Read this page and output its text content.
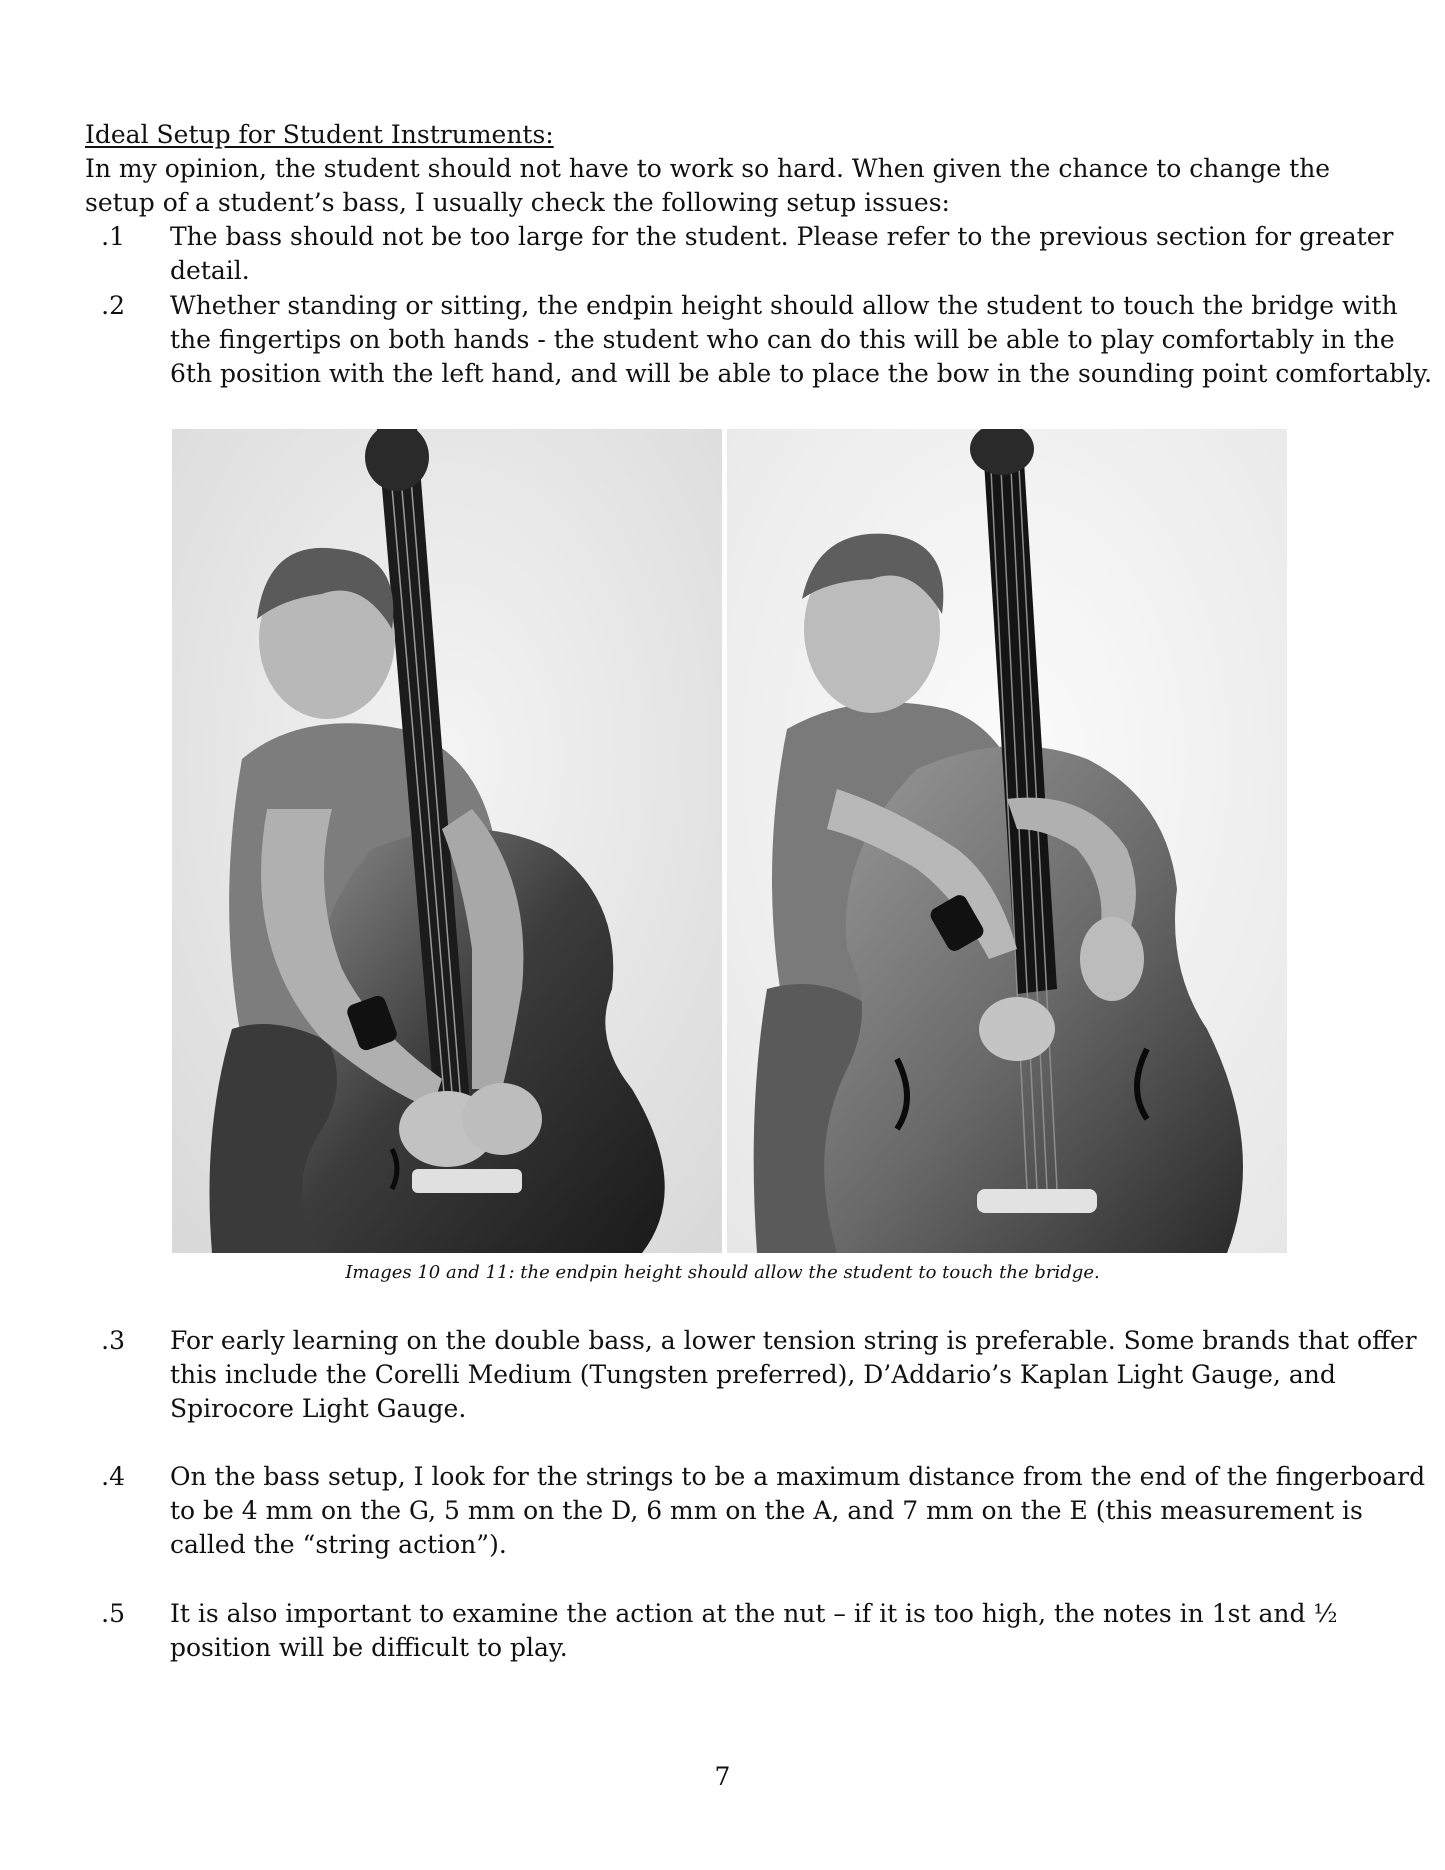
Ideal Setup for Student Instruments:

In my opinion, the student should not have to work so hard. When given the chance to change the setup of a student’s bass, I usually check the following setup issues:

1. The bass should not be too large for the student. Please refer to the previous section for greater detail.

2. Whether standing or sitting, the endpin height should allow the student to touch the bridge with the fingertips on both hands - the student who can do this will be able to play comfortably in the 6th position with the left hand, and will be able to place the bow in the sounding point comfortably.

Images 10 and 11: the endpin height should allow the student to touch the bridge.
3. For early learning on the double bass, a lower tension string is preferable. Some brands that offer this include the Corelli Medium (Tungsten preferred), D’Addario’s Kaplan Light Gauge, and Spirocore Light Gauge.

4. On the bass setup, I look for the strings to be a maximum distance from the end of the fingerboard to be 4 mm on the G, 5 mm on the D, 6 mm on the A, and 7 mm on the E (this measurement is called the “string action”).

5. It is also important to examine the action at the nut – if it is too high, the notes in 1st and ½ position will be difficult to play.

7
